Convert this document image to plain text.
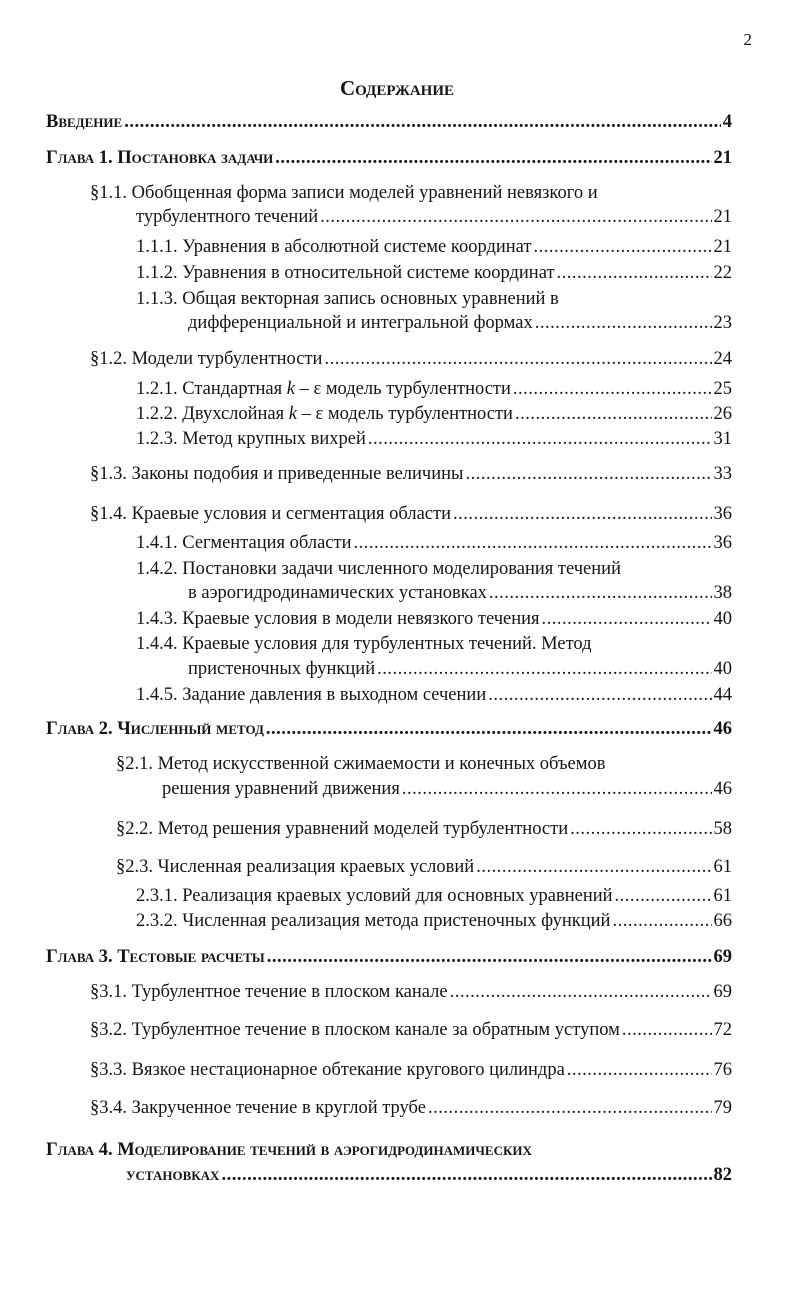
2
Содержание
Введение .....	4
Глава 1. Постановка задачи .....	21
§1.1. Обобщенная форма записи моделей уравнений невязкого и
турбулентного течений .....	21
1.1.1. Уравнения в абсолютной системе координат .....	21
1.1.2. Уравнения в относительной системе координат .....	22
1.1.3. Общая векторная запись основных уравнений в
дифференциальной и интегральной формах .....	23
§1.2. Модели турбулентности .....	24
1.2.1. Стандартная k – ε модель турбулентности .....	25
1.2.2. Двухслойная k – ε модель турбулентности .....	26
1.2.3. Метод крупных вихрей .....	31
§1.3. Законы подобия и приведенные величины .....	33
§1.4. Краевые условия и сегментация области .....	36
1.4.1. Сегментация области .....	36
1.4.2. Постановки задачи численного моделирования течений
в аэрогидродинамических установках .....	38
1.4.3. Краевые условия в модели невязкого течения .....	40
1.4.4. Краевые условия для турбулентных течений. Метод
пристеночных функций .....	40
1.4.5. Задание давления в выходном сечении .....	44
Глава 2. Численный метод .....	46
§2.1. Метод искусственной сжимаемости и конечных объемов
решения уравнений движения .....	46
§2.2. Метод решения уравнений моделей турбулентности .....	58
§2.3. Численная реализация краевых условий .....	61
2.3.1. Реализация краевых условий для основных уравнений .....	61
2.3.2. Численная реализация метода пристеночных функций .....	66
Глава 3. Тестовые расчеты .....	69
§3.1. Турбулентное течение в плоском канале .....	69
§3.2. Турбулентное течение в плоском канале за обратным уступом .....	72
§3.3. Вязкое нестационарное обтекание кругового цилиндра .....	76
§3.4. Закрученное течение в круглой трубе .....	79
Глава 4. Моделирование течений в аэрогидродинамических
установках .....	82
